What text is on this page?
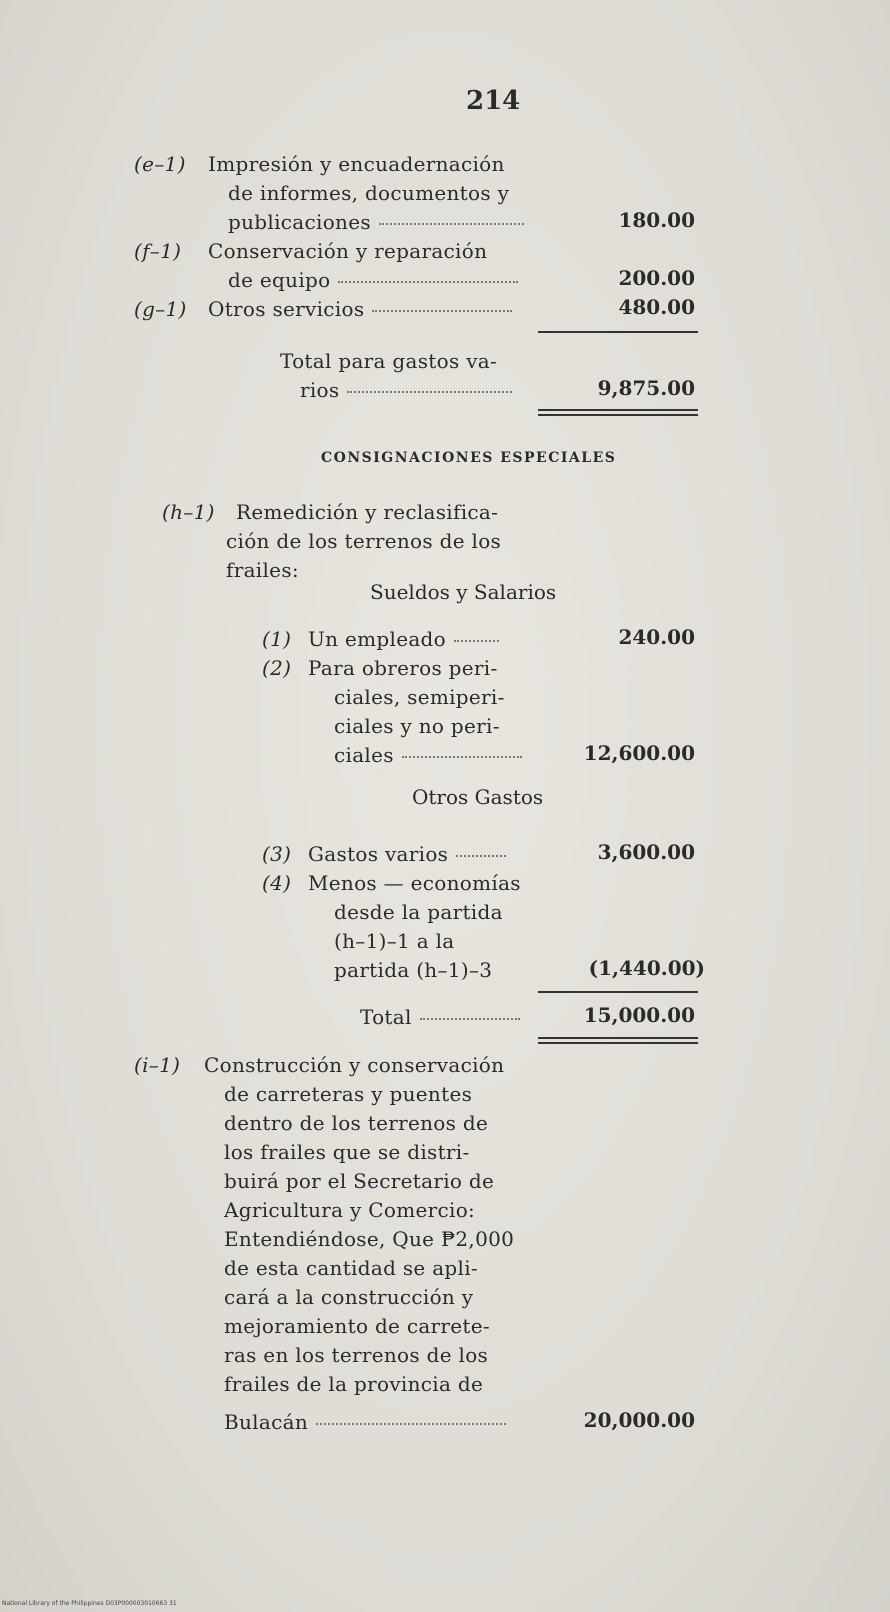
214
(e–1) Impresión y encuadernación
de informes, documentos y
publicaciones	180.00
(f–1) Conservación y reparación
de equipo	200.00
(g–1) Otros servicios	480.00
Total para gastos va-
rios	9,875.00
CONSIGNACIONES ESPECIALES
(h–1) Remedición y reclasifica-
ción de los terrenos de los
frailes:
Sueldos y Salarios
(1) Un empleado	240.00
(2) Para obreros peri-
ciales, semiperi-
ciales y no peri-
ciales	12,600.00
Otros Gastos
(3) Gastos varios	3,600.00
(4) Menos — economías
desde la partida
(h–1)–1 a la
partida (h–1)–3	(1,440.00)
Total	15,000.00
(i–1) Construcción y conservación
de carreteras y puentes
dentro de los terrenos de
los frailes que se distri-
buirá por el Secretario de
Agricultura y Comercio:
Entendiéndose, Que ₱2,000
de esta cantidad se apli-
cará a la construcción y
mejoramiento de carrete-
ras en los terrenos de los
frailes de la provincia de
Bulacán	20,000.00
National Library of the Philippines D03P000003010663 31
